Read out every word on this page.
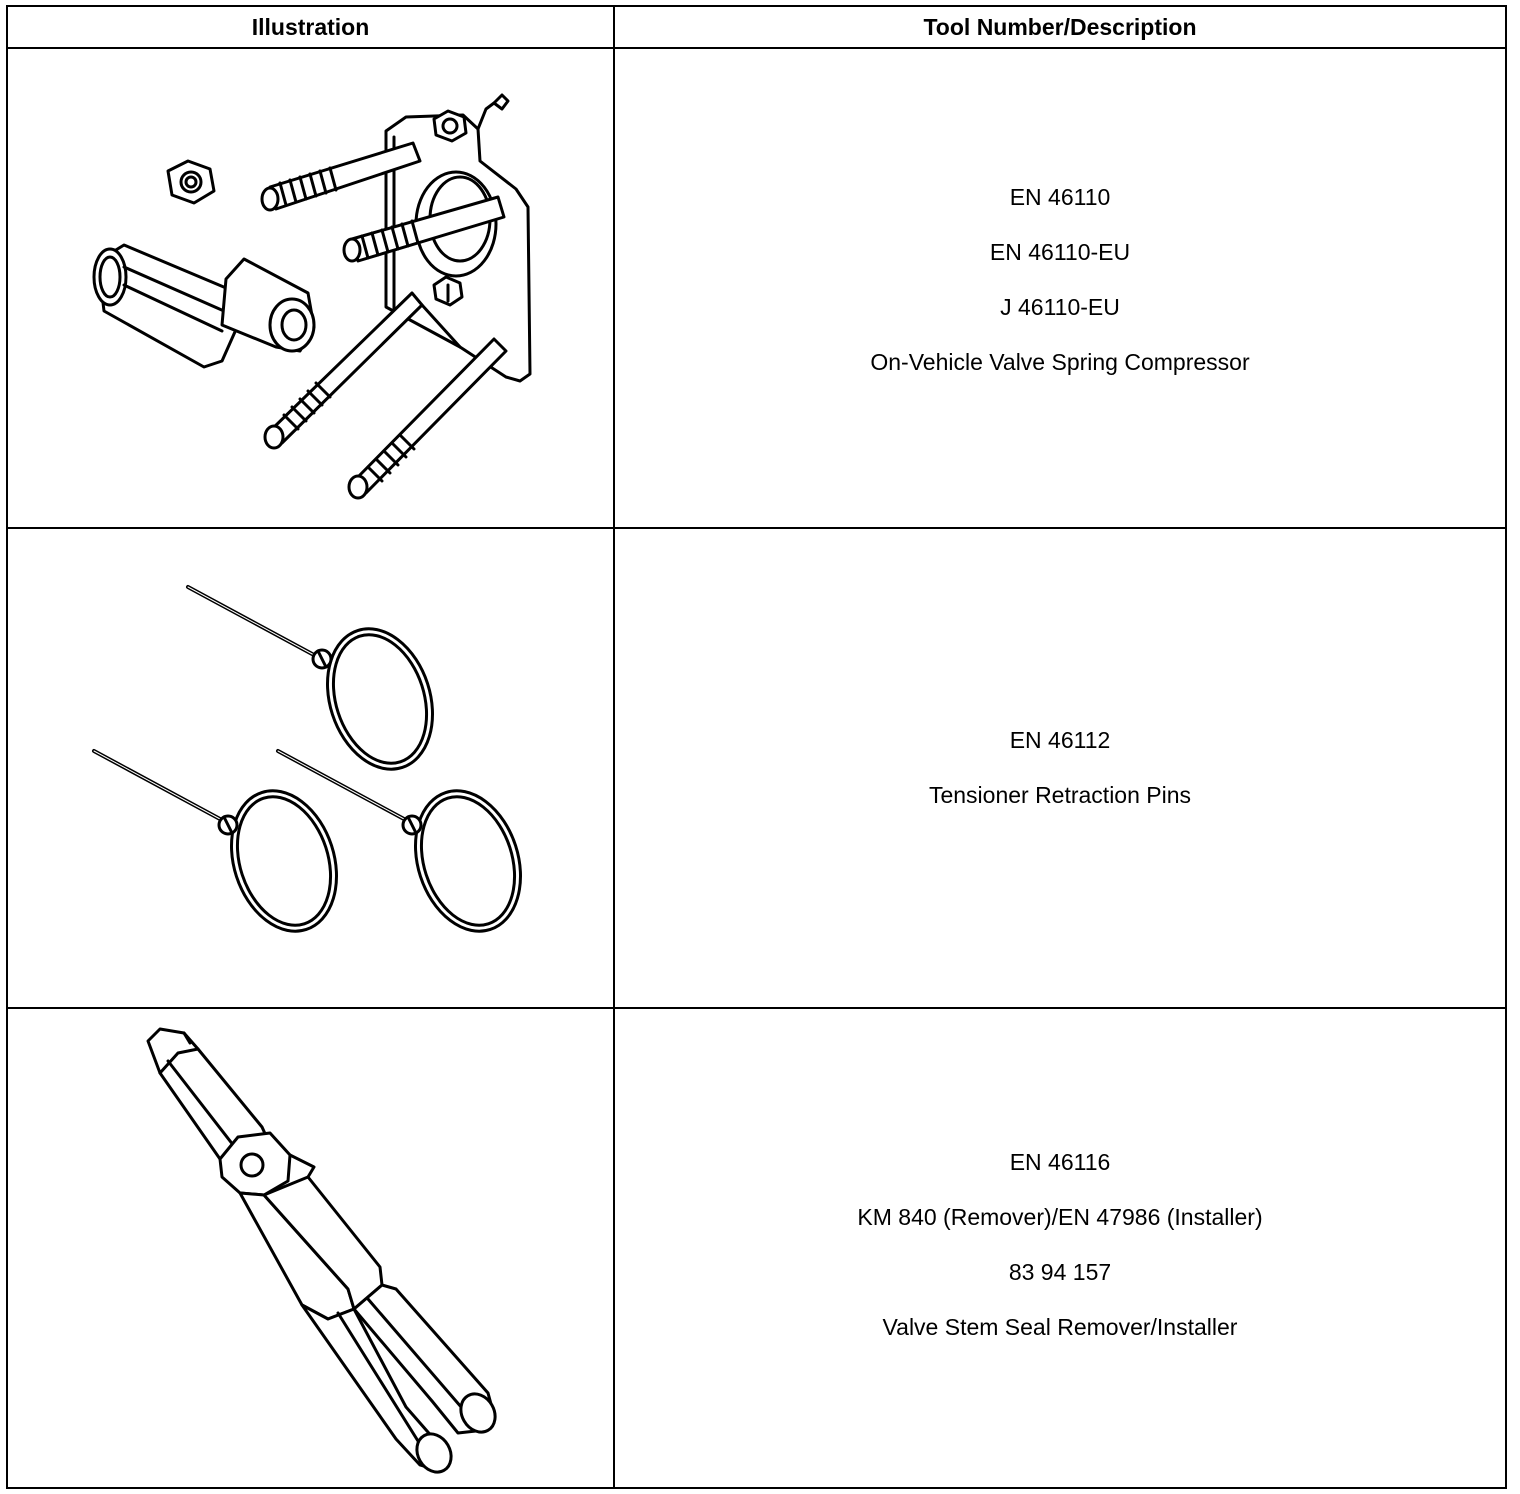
Illustration	Tool Number/Description
EN 46110
EN 46110-EU
J 46110-EU
On-Vehicle Valve Spring Compressor
EN 46112
Tensioner Retraction Pins
EN 46116
KM 840 (Remover)/EN 47986 (Installer)
83 94 157
Valve Stem Seal Remover/Installer
